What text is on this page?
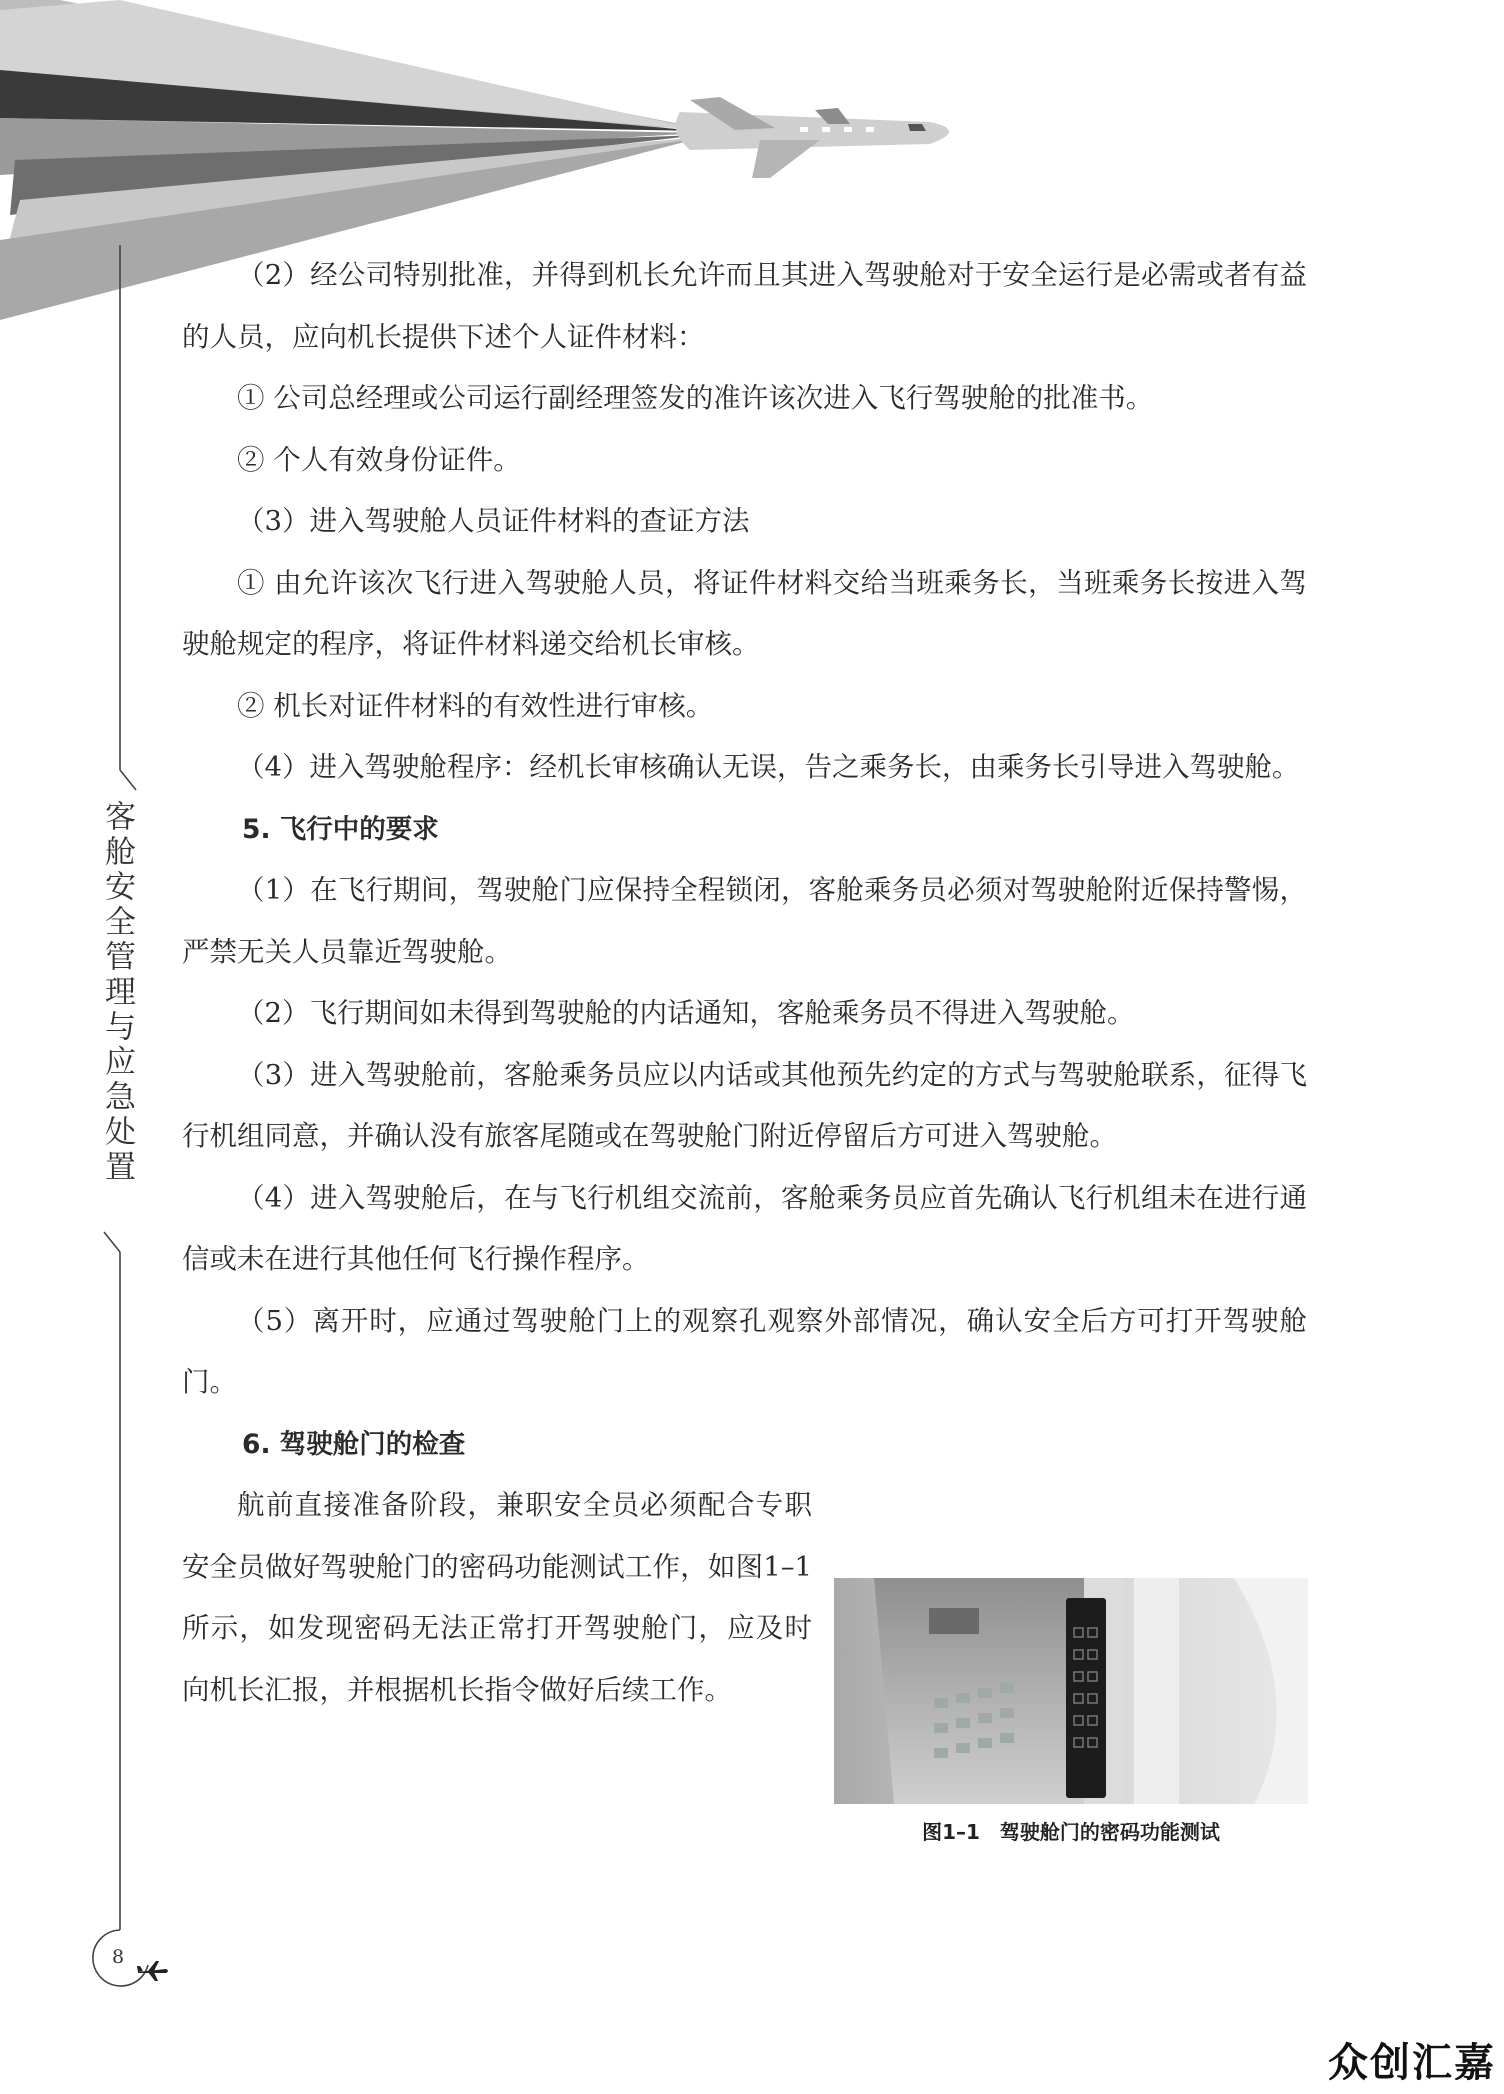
客舱安全管理与应急处置
8

（2）经公司特别批准，并得到机长允许而且其进入驾驶舱对于安全运行是必需或者有益的人员，应向机长提供下述个人证件材料：

① 公司总经理或公司运行副经理签发的准许该次进入飞行驾驶舱的批准书。

② 个人有效身份证件。

（3）进入驾驶舱人员证件材料的查证方法

① 由允许该次飞行进入驾驶舱人员，将证件材料交给当班乘务长，当班乘务长按进入驾驶舱规定的程序，将证件材料递交给机长审核。

② 机长对证件材料的有效性进行审核。

（4）进入驾驶舱程序：经机长审核确认无误，告之乘务长，由乘务长引导进入驾驶舱。

5. 飞行中的要求

（1）在飞行期间，驾驶舱门应保持全程锁闭，客舱乘务员必须对驾驶舱附近保持警惕，严禁无关人员靠近驾驶舱。

（2）飞行期间如未得到驾驶舱的内话通知，客舱乘务员不得进入驾驶舱。

（3）进入驾驶舱前，客舱乘务员应以内话或其他预先约定的方式与驾驶舱联系，征得飞行机组同意，并确认没有旅客尾随或在驾驶舱门附近停留后方可进入驾驶舱。

（4）进入驾驶舱后，在与飞行机组交流前，客舱乘务员应首先确认飞行机组未在进行通信或未在进行其他任何飞行操作程序。

（5）离开时，应通过驾驶舱门上的观察孔观察外部情况，确认安全后方可打开驾驶舱门。

6. 驾驶舱门的检查

航前直接准备阶段，兼职安全员必须配合专职安全员做好驾驶舱门的密码功能测试工作，如图1–1所示，如发现密码无法正常打开驾驶舱门，应及时向机长汇报，并根据机长指令做好后续工作。

图1–1　驾驶舱门的密码功能测试
众创汇嘉
